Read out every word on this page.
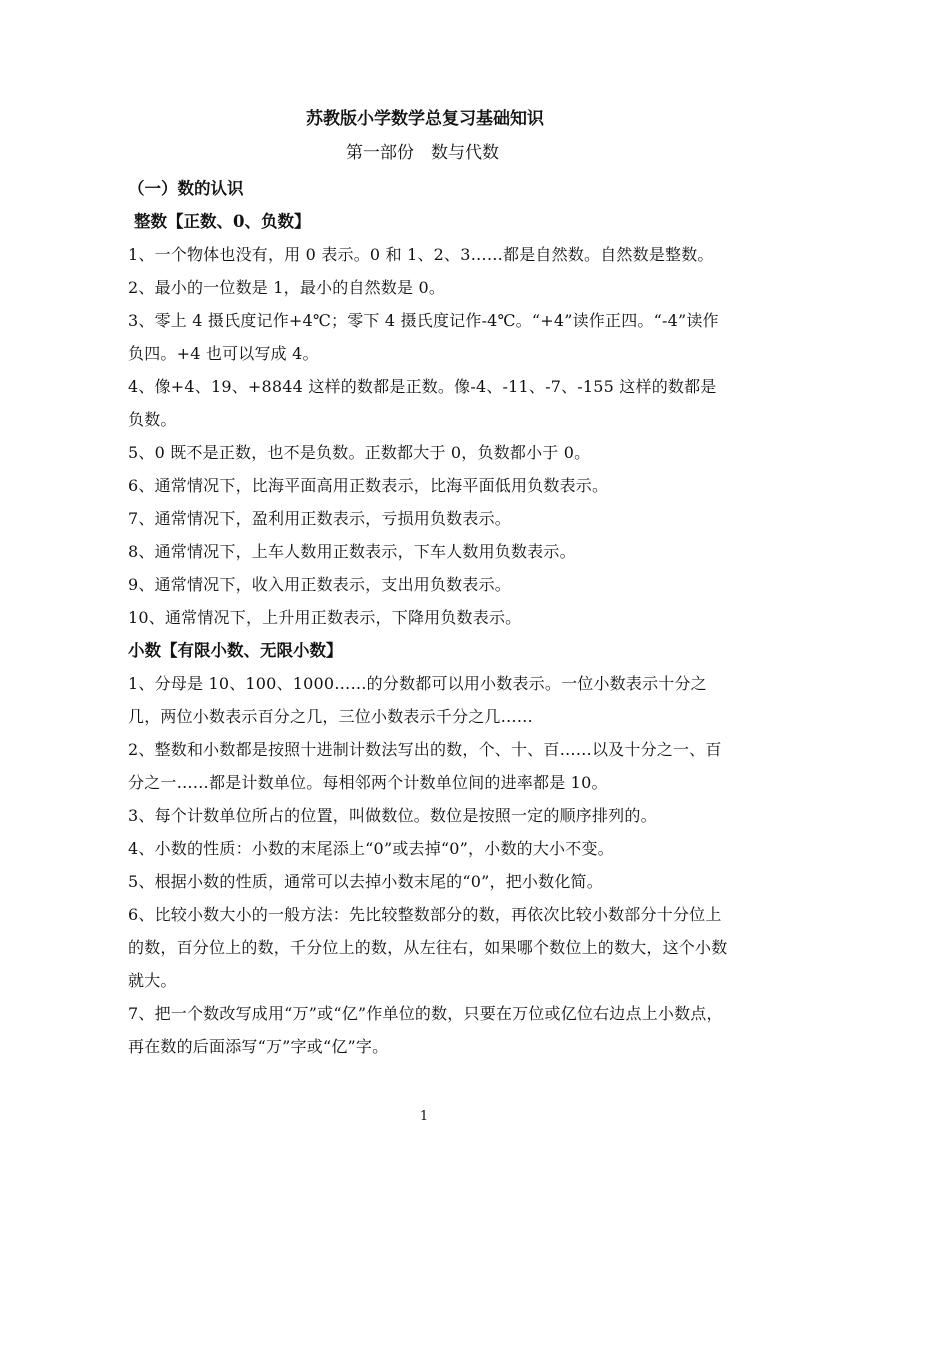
苏教版小学数学总复习基础知识
第一部份　数与代数
（一）数的认识
整数【正数、0、负数】
1、一个物体也没有，用 0 表示。0 和 1、2、3……都是自然数。自然数是整数。
2、最小的一位数是 1，最小的自然数是 0。
3、零上 4 摄氏度记作+4℃；零下 4 摄氏度记作-4℃。“+4”读作正四。“-4”读作负四。+4 也可以写成 4。
4、像+4、19、+8844 这样的数都是正数。像-4、-11、-7、-155 这样的数都是负数。
5、0 既不是正数，也不是负数。正数都大于 0，负数都小于 0。
6、通常情况下，比海平面高用正数表示，比海平面低用负数表示。
7、通常情况下，盈利用正数表示，亏损用负数表示。
8、通常情况下，上车人数用正数表示，下车人数用负数表示。
9、通常情况下，收入用正数表示，支出用负数表示。
10、通常情况下，上升用正数表示，下降用负数表示。
小数【有限小数、无限小数】
1、分母是 10、100、1000……的分数都可以用小数表示。一位小数表示十分之几，两位小数表示百分之几，三位小数表示千分之几……
2、整数和小数都是按照十进制计数法写出的数，个、十、百……以及十分之一、百分之一……都是计数单位。每相邻两个计数单位间的进率都是 10。
3、每个计数单位所占的位置，叫做数位。数位是按照一定的顺序排列的。
4、小数的性质：小数的末尾添上“0”或去掉“0”，小数的大小不变。
5、根据小数的性质，通常可以去掉小数末尾的“0”，把小数化简。
6、比较小数大小的一般方法：先比较整数部分的数，再依次比较小数部分十分位上的数，百分位上的数，千分位上的数，从左往右，如果哪个数位上的数大，这个小数就大。
7、把一个数改写成用“万”或“亿”作单位的数，只要在万位或亿位右边点上小数点，再在数的后面添写“万”字或“亿”字。
1
